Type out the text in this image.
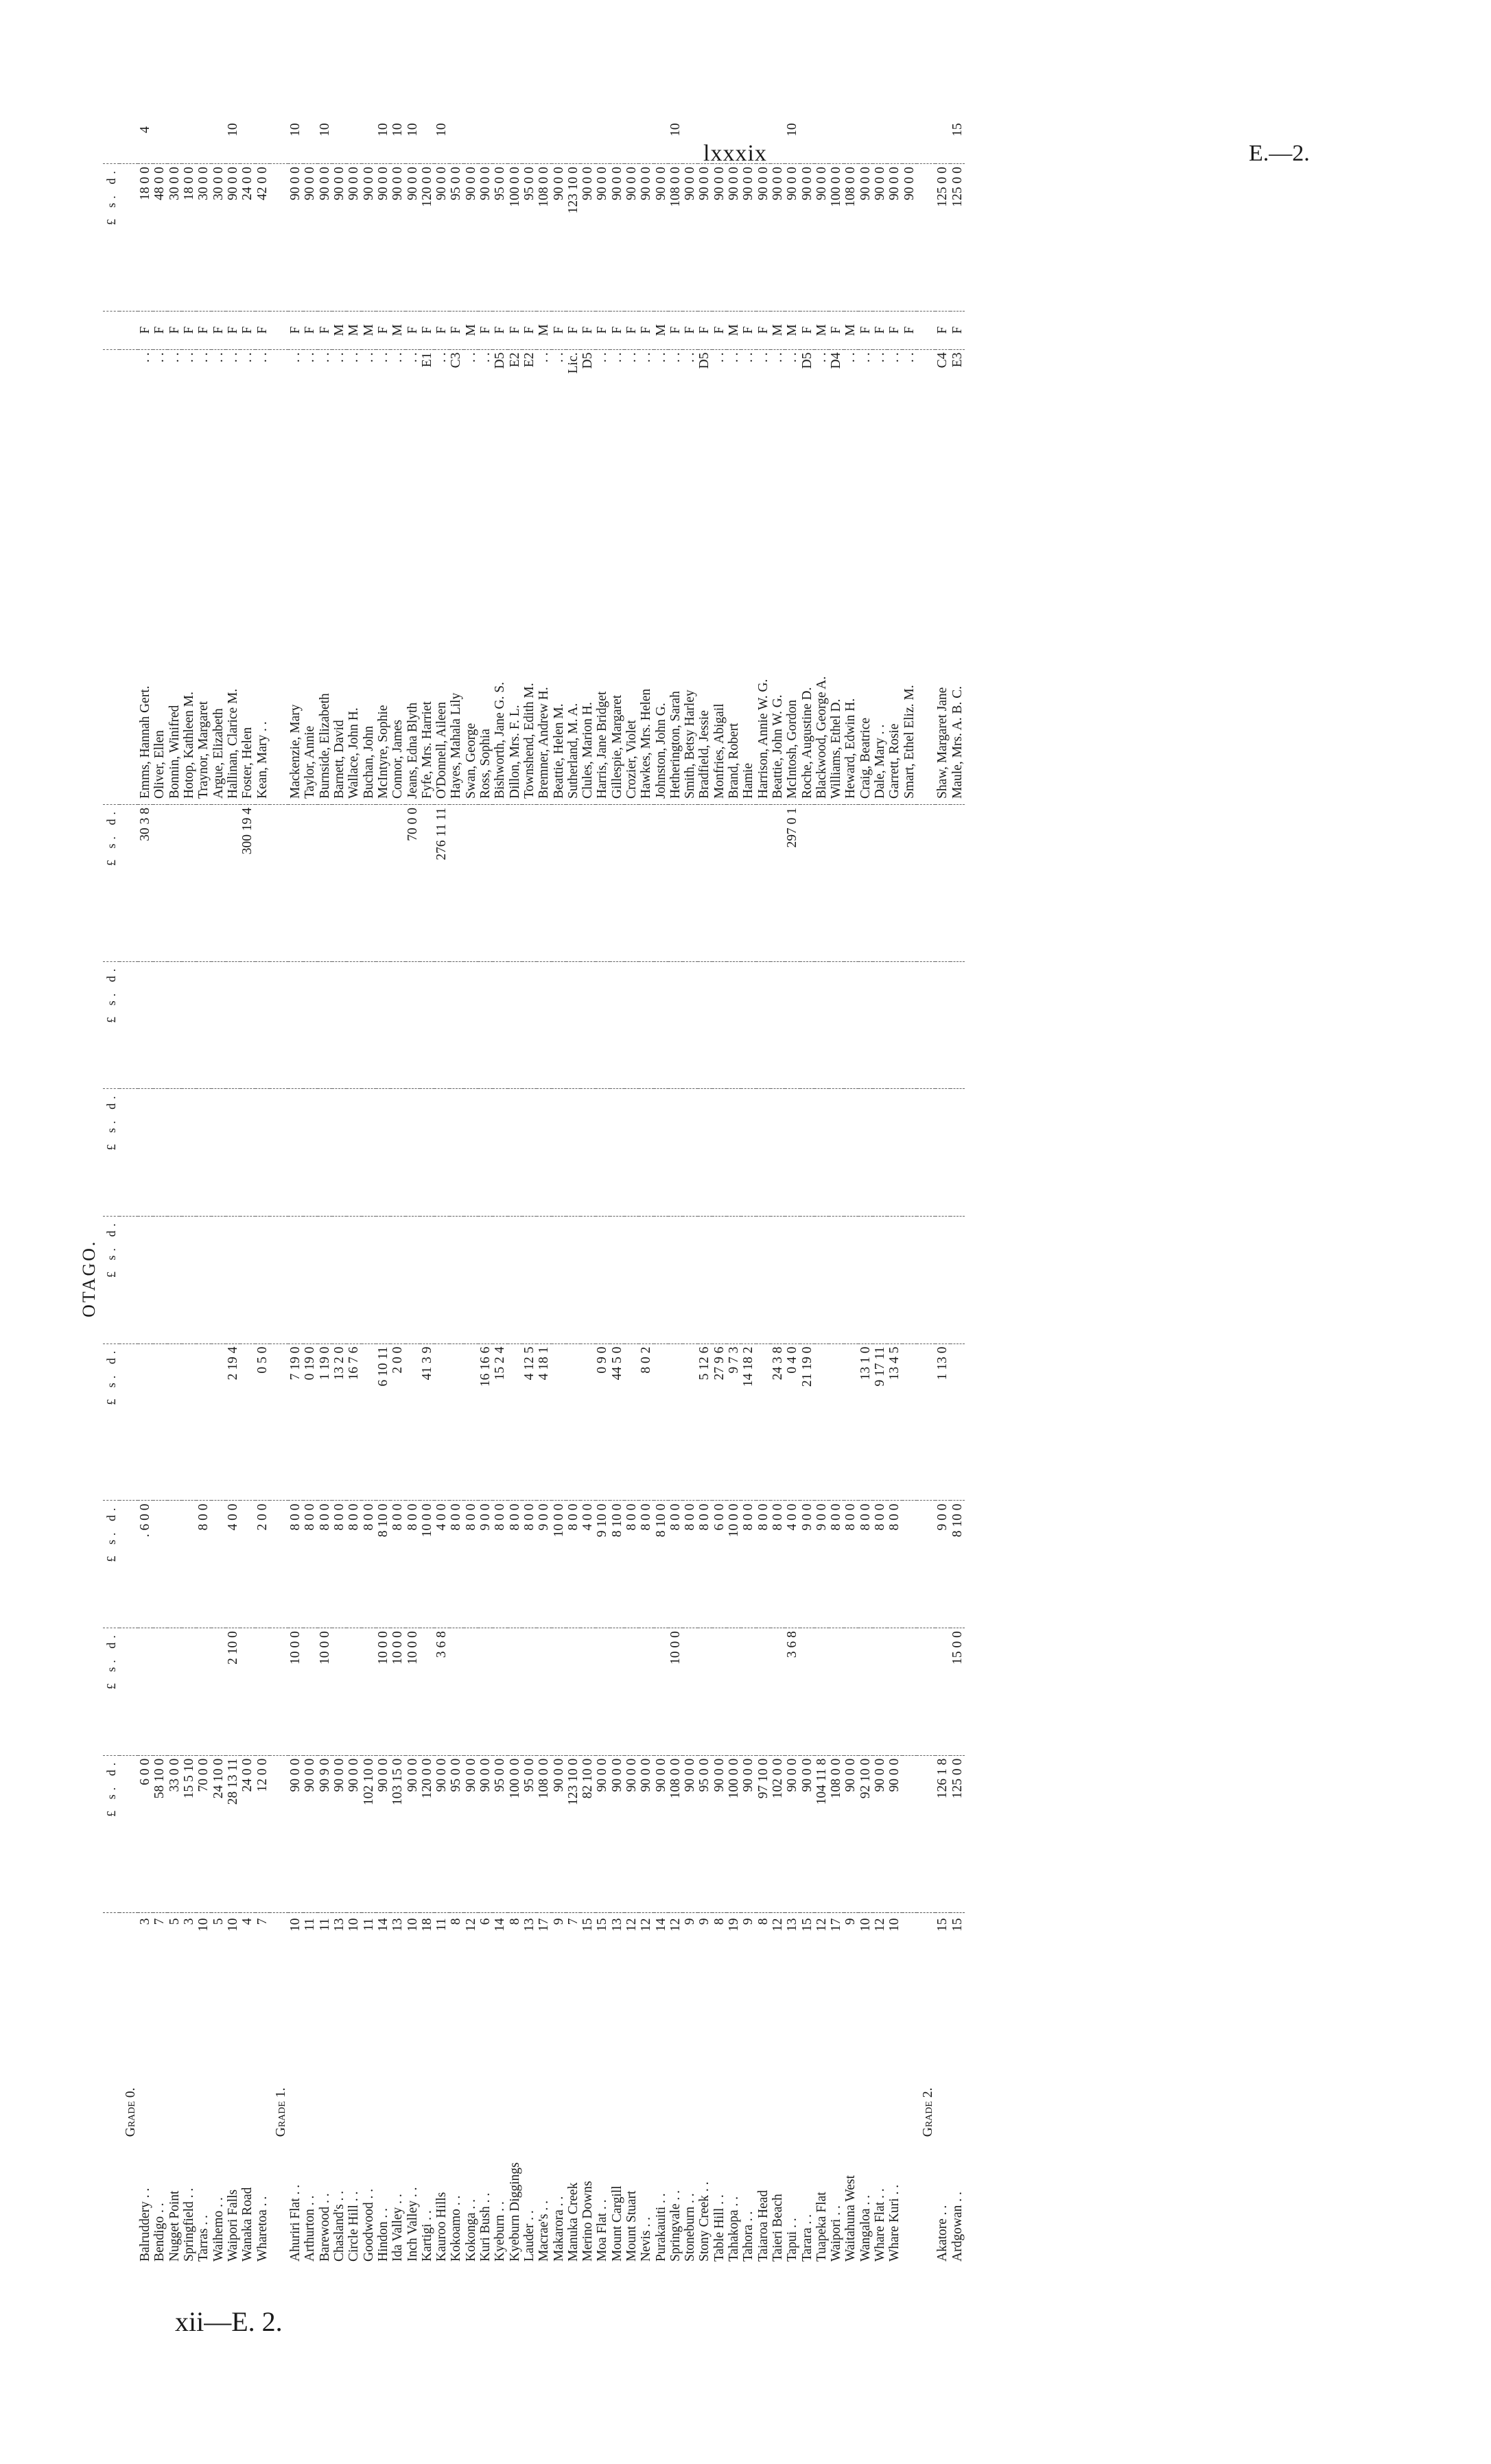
lxxxix	E.—2.
OTAGO.
		£ s. d.	£ s. d.	£ s. d.	£ s. d.	£ s. d.	£ s. d.	£ s. d.	£ s. d.				£ s. d.	
Grade 0.														
Balruddery . .	3	6 0 0		. 6 0 0					30 3 8	Emms, Hannah Gert.	. .	F	18 0 0	4
Bendigo . .	7	58 10 0								Oliver, Ellen	. .	F	48 0 0	
Nugget Point	5	33 0 0								Bonnin, Winifred	. .	F	30 0 0	
Springfield . .	3	15 5 10								Hotop, Kathleen M.	. .	F	18 0 0	
Tarras . .	10	70 0 0		8 0 0						Traynor, Margaret	. .	F	30 0 0	
Waihemo . .	5	24 10 0								Argue, Elizabeth	. .	F	30 0 0	
Waipori Falls	10	28 13 11	2 10 0	4 0 0	2 19 4					Hallinan, Clarice M.	. .	F	90 0 0	10
Wanaka Road	4	24 0 0							300 19 4	Foster, Helen	. .	F	24 0 0	
Wharetoa . .	7	12 0 0		2 0 0	0 5 0					Kean, Mary . .	. .	F	42 0 0	
Grade 1.														
Ahuriri Flat . .	10	90 0 0	10 0 0	8 0 0	7 19 0					Mackenzie, Mary	. .	F	90 0 0	10
Arthurton . .	11	90 0 0		8 0 0	0 19 0					Taylor, Annie	. .	F	90 0 0	
Barewood . .	11	90 9 0	10 0 0	8 0 0	1 19 0					Burnside, Elizabeth	. .	F	90 0 0	10
Chasland's . .	13	90 0 0		8 0 0	13 2 0					Barnett, David	. .	M	90 0 0	
Circle Hill . .	10	90 0 0		8 0 0	16 7 6					Wallace, John H.	. .	M	90 0 0	
Goodwood . .	11	102 10 0		8 0 0						Buchan, John	. .	M	90 0 0	
Hindon . .	14	90 0 0	10 0 0	8 10 0	6 10 11					McIntyre, Sophie	. .	F	90 0 0	10
Ida Valley . .	13	103 15 0	10 0 0	8 0 0	2 0 0					Connor, James	. .	M	90 0 0	10
Inch Valley . .	10	90 0 0	10 0 0	8 0 0					70 0 0	Jeans, Edna Blyth	. .	F	90 0 0	10
Kartigi . .	18	120 0 0		10 0 0	41 3 9					Fyfe, Mrs. Harriet	E1	F	120 0 0	
Kauroo Hills	11	90 0 0	3 6 8	4 0 0					276 11 11	O'Donnell, Aileen	. .	F	90 0 0	10
Kokoamo . .	8	95 0 0		8 0 0						Hayes, Mahala Lily	C3	F	95 0 0	
Kokonga . .	12	90 0 0		8 0 0						Swan, George	. .	M	90 0 0	
Kuri Bush . .	6	90 0 0		9 0 0	16 16 6					Ross, Sophia	. .	F	90 0 0	
Kyeburn . .	14	95 0 0		8 0 0	15 2 4					Bishworth, Jane G. S.	D5	F	95 0 0	
Kyeburn Diggings	8	100 0 0		8 0 0						Dillon, Mrs. F. L.	E2	F	100 0 0	
Lauder . .	13	95 0 0		8 0 0	4 12 5					Townshend, Edith M.	E2	F	95 0 0	
Macrae's . .	17	108 0 0		9 0 0	4 18 1					Bremner, Andrew H.	. .	M	108 0 0	
Makarora . .	9	90 0 0		10 0 0						Beattie, Helen M.	. .	F	90 0 0	
Manuka Creek	7	123 10 0		8 0 0						Sutherland, M. A.	Lic.	F	123 10 0	
Merino Downs	15	82 10 0		4 0 0						Clules, Marion H.	D5	F	90 0 0	
Moa Flat . .	15	90 0 0		9 10 0	0 9 0					Harris, Jane Bridget	. .	F	90 0 0	
Mount Cargill	13	90 0 0		8 10 0	44 5 0					Gillespie, Margaret	. .	F	90 0 0	
Mount Stuart	12	90 0 0		8 0 0						Crozier, Violet	. .	F	90 0 0	
Nevis . .	12	90 0 0		8 0 0	8 0 2					Hawkes, Mrs. Helen	. .	F	90 0 0	
Purakauiti . .	14	90 0 0		8 10 0						Johnston, John G.	. .	M	90 0 0	
Springvale . .	12	108 0 0	10 0 0	8 0 0						Hetherington, Sarah	. .	F	108 0 0	10
Stoneburn . .	9	90 0 0		8 0 0						Smith, Betsy Harley	. .	F	90 0 0	
Stony Creek . .	9	95 0 0		8 0 0	5 12 6					Bradfield, Jessie	D5	F	90 0 0	
Table Hill . .	8	90 0 0		6 0 0	27 9 6					Monfries, Abigail	. .	F	90 0 0	
Tahakopa . .	19	100 0 0		10 0 0	9 7 3					Brand, Robert	. .	M	90 0 0	
Tahora . .	9	90 0 0		8 0 0	14 18 2					Hamie	. .	F	90 0 0	
Taiaroa Head	8	97 10 0		8 0 0						Harrison, Annie W. G.	. .	F	90 0 0	
Taieri Beach	12	102 0 0		8 0 0	24 3 8					Beattie, John W. G.	. .	M	90 0 0	
Tapui . .	13	90 0 0	3 6 8	4 0 0	0 4 0				297 0 1	McIntosh, Gordon	. .	M	90 0 0	10
Tarara . .	15	90 0 0		9 0 0	21 19 0					Roche, Augustine D.	D5	F	90 0 0	
Tuapeka Flat	12	104 11 8		9 0 0						Blackwood, George A.	. .	M	90 0 0	
Waipori . .	17	108 0 0		8 0 0						Williams, Ethel D.	D4	F	100 0 0	
Waitahuna West	9	90 0 0		8 0 0						Heward, Edwin H.	. .	M	108 0 0	
Wangaloa . .	10	92 10 0		8 0 0	13 1 0					Craig, Beatrice	. .	F	90 0 0	
Whare Flat . .	12	90 0 0		8 0 0	9 17 11					Dale, Mary . .	. .	F	90 0 0	
Whare Kuri . .	10	90 0 0		8 0 0	13 4 5					Garrett, Rosie	. .	F	90 0 0	
										Smart, Ethel Eliz. M.	. .	F	90 0 0	
Grade 2.														
Akatore . .	15	126 1 8		9 0 0	1 13 0					Shaw, Margaret Jane	C4	F	125 0 0	
Ardgowan . .	15	125 0 0	15 0 0	8 10 0						Maule, Mrs. A. B. C.	E3	F	125 0 0	15
xii—E. 2.
